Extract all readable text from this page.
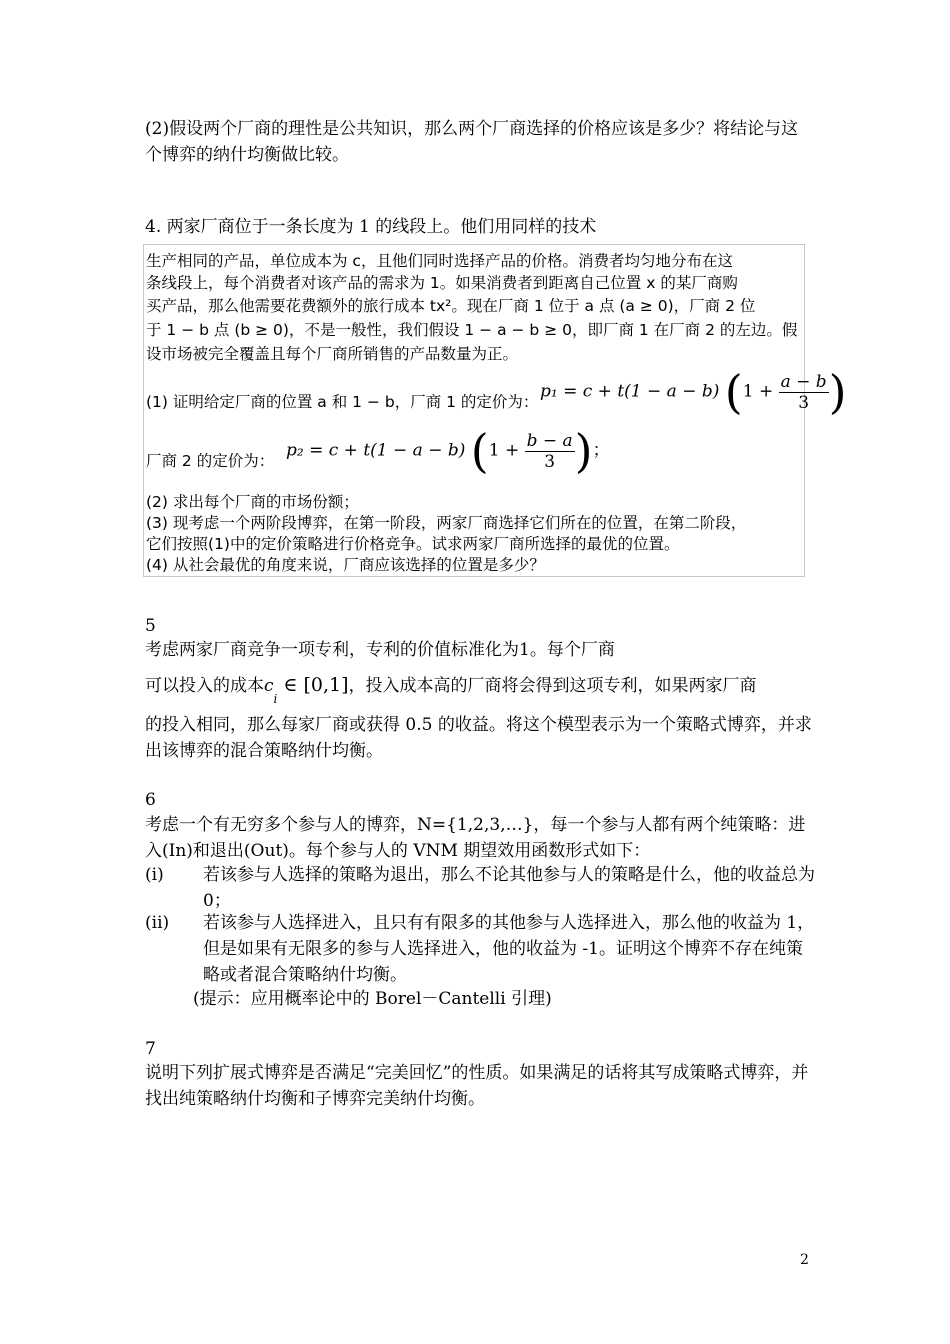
(2)假设两个厂商的理性是公共知识，那么两个厂商选择的价格应该是多少？将结论与这个博弈的纳什均衡做比较。

4. 两家厂商位于一条长度为 1 的线段上。他们用同样的技术

生产相同的产品，单位成本为 c，且他们同时选择产品的价格。消费者均匀地分布在这
条线段上，每个消费者对该产品的需求为 1。如果消费者到距离自己位置 x 的某厂商购
买产品，那么他需要花费额外的旅行成本 tx²。现在厂商 1 位于 a 点 (a ≥ 0)，厂商 2 位
于 1 − b 点 (b ≥ 0)，不是一般性，我们假设 1 − a − b ≥ 0，即厂商 1 在厂商 2 的左边。假
设市场被完全覆盖且每个厂商所销售的产品数量为正。
(1) 证明给定厂商的位置 a 和 1 − b，厂商 1 的定价为：
p₁ = c + t(1 − a − b) ($1 + \frac{a - b}{3}$ )
厂商 2 的定价为：
p₂ = c + t(1 − a − b) ($1 + \frac{b - a}{3}$ )；
(2) 求出每个厂商的市场份额；
(3) 现考虑一个两阶段博弈，在第一阶段，两家厂商选择它们所在的位置，在第二阶段，
它们按照(1)中的定价策略进行价格竞争。试求两家厂商所选择的最优的位置。
(4) 从社会最优的角度来说，厂商应该选择的位置是多少？
5

考虑两家厂商竞争一项专利，专利的价值标准化为1。每个厂商

可以投入的成本$c_i$ ∈ [0,1]，投入成本高的厂商将会得到这项专利，如果两家厂商

的投入相同，那么每家厂商或获得 0.5 的收益。将这个模型表示为一个策略式博弈，并求出该博弈的混合策略纳什均衡。

6

考虑一个有无穷多个参与人的博弈，N={1,2,3,…}，每一个参与人都有两个纯策略：进入(In)和退出(Out)。每个参与人的 VNM 期望效用函数形式如下：

(i) 若该参与人选择的策略为退出，那么不论其他参与人的策略是什么，他的收益总为 0；
(ii) 若该参与人选择进入，且只有有限多的其他参与人选择进入，那么他的收益为 1，但是如果有无限多的参与人选择进入，他的收益为 -1。证明这个博弈不存在纯策略或者混合策略纳什均衡。

(提示：应用概率论中的 Borel－Cantelli 引理)

7

说明下列扩展式博弈是否满足“完美回忆”的性质。如果满足的话将其写成策略式博弈，并找出纯策略纳什均衡和子博弈完美纳什均衡。

2
